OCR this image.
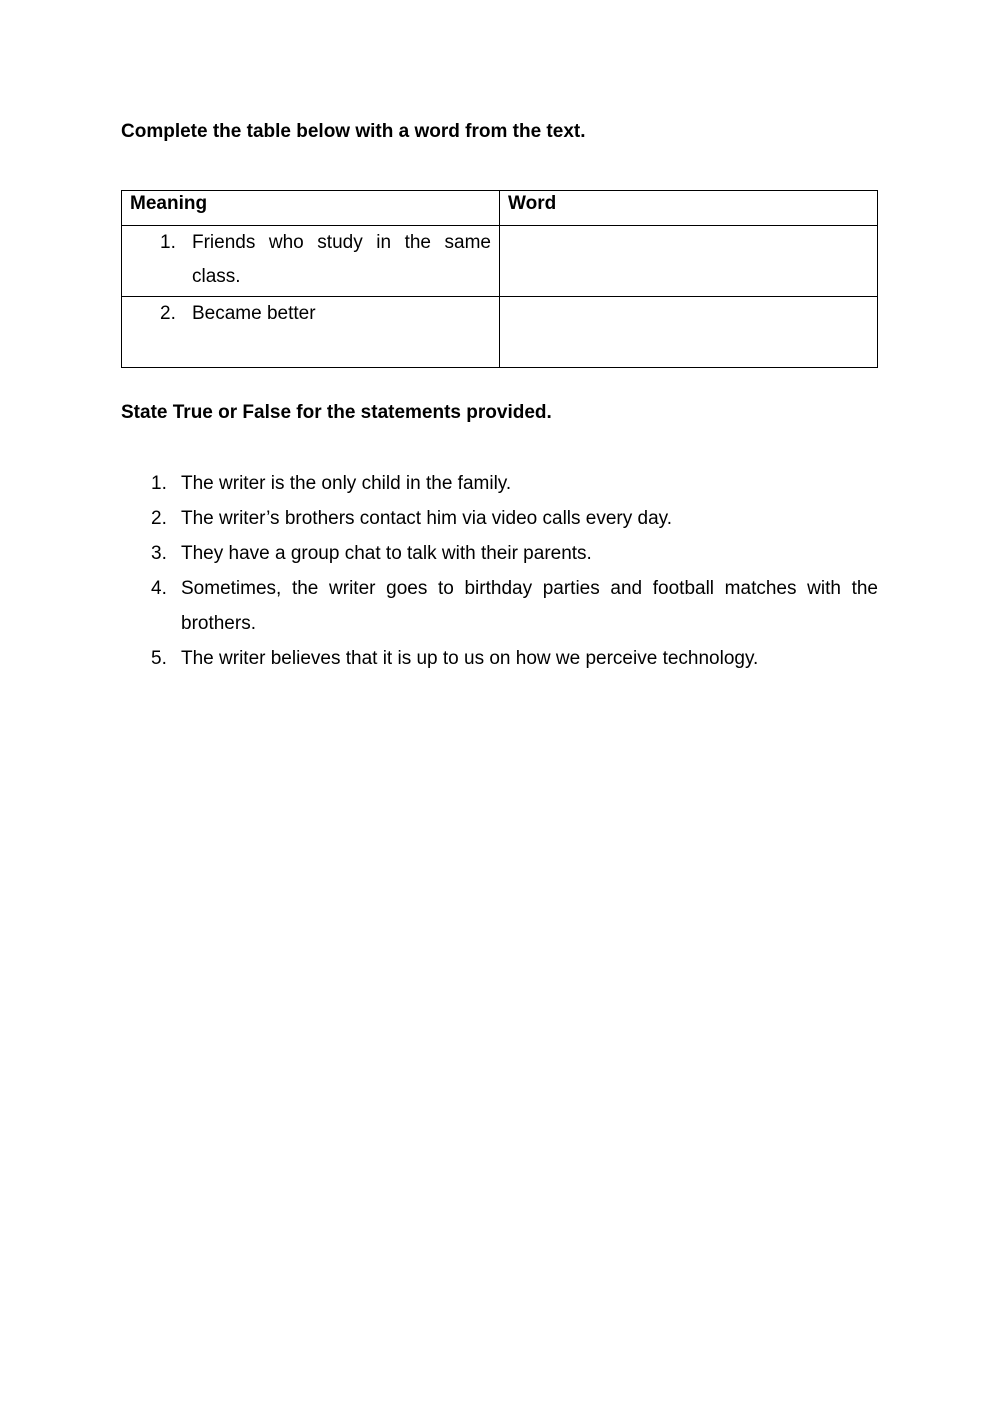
Complete the table below with a word from the text.

Meaning	Word

1. Friends who study in the same class.	

2. Became better	

State True or False for the statements provided.

1. The writer is the only child in the family.
2. The writer’s brothers contact him via video calls every day.
3. They have a group chat to talk with their parents.
4. Sometimes, the writer goes to birthday parties and football matches with the brothers.
5. The writer believes that it is up to us on how we perceive technology.
